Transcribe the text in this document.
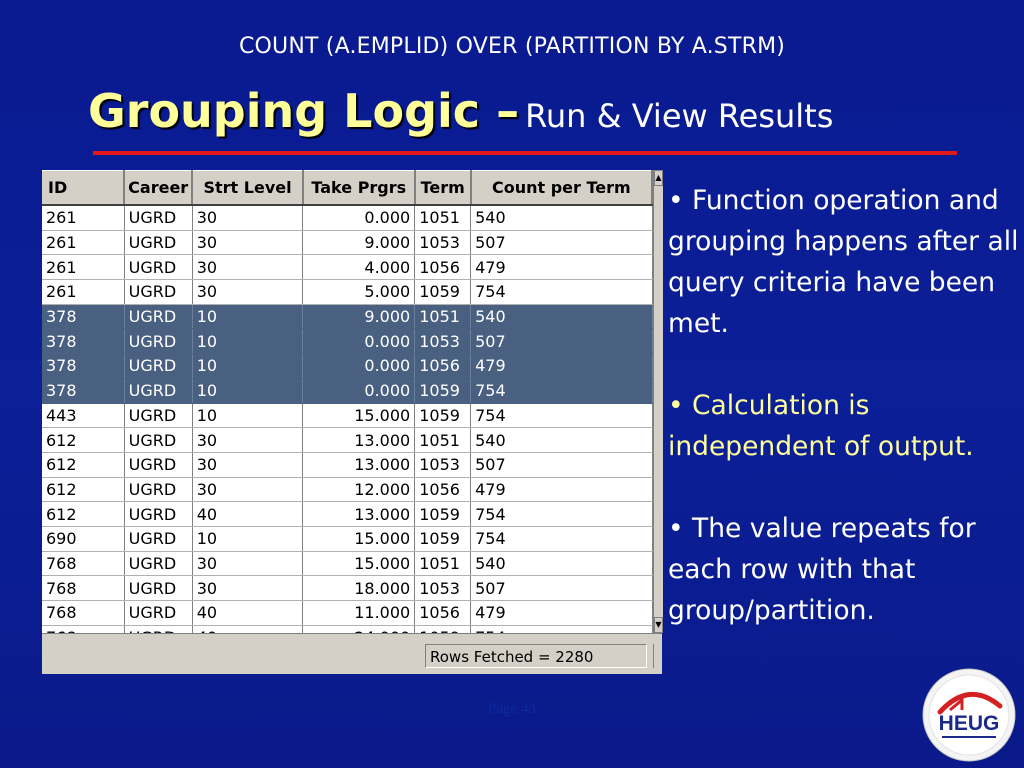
COUNT (A.EMPLID) OVER (PARTITION BY A.STRM)
Grouping Logic – Run & View Results
ID	Career	Strt Level	Take Prgrs	Term	Count per Term
261	UGRD	30	0.000	1051	540
261	UGRD	30	9.000	1053	507
261	UGRD	30	4.000	1056	479
261	UGRD	30	5.000	1059	754
378	UGRD	10	9.000	1051	540
378	UGRD	10	0.000	1053	507
378	UGRD	10	0.000	1056	479
378	UGRD	10	0.000	1059	754
443	UGRD	10	15.000	1059	754
612	UGRD	30	13.000	1051	540
612	UGRD	30	13.000	1053	507
612	UGRD	30	12.000	1056	479
612	UGRD	40	13.000	1059	754
690	UGRD	10	15.000	1059	754
768	UGRD	30	15.000	1051	540
768	UGRD	30	18.000	1053	507
768	UGRD	40	11.000	1056	479

▲
▼
Rows Fetched = 2280
• Function operation and grouping happens after all query criteria have been met.
• Calculation is independent of output.
• The value repeats for each row with that group/partition.
Page 43
HEUG
